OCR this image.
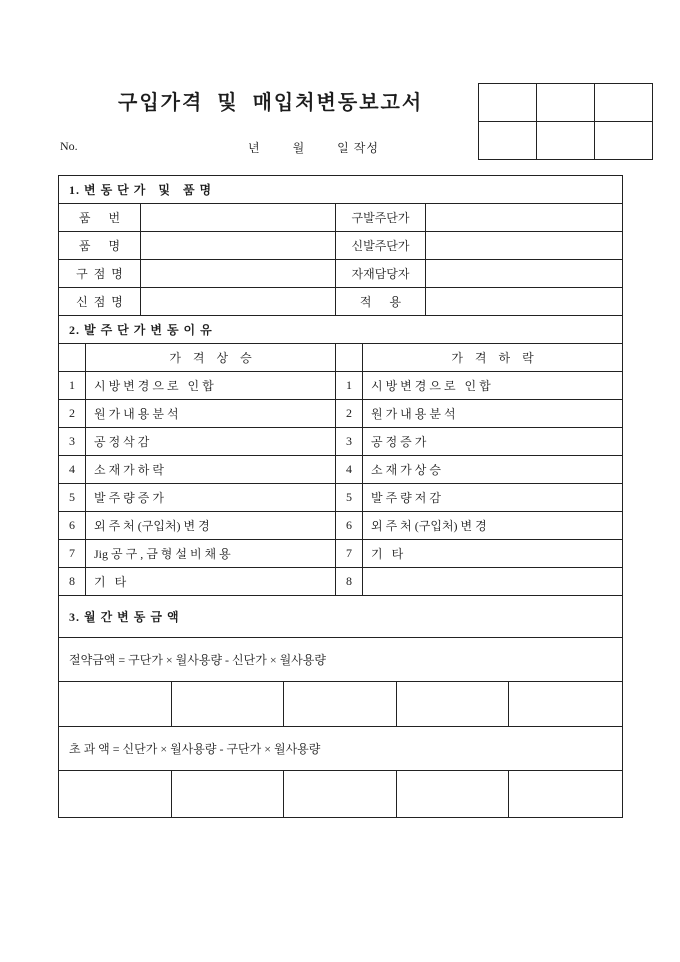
구입가격  및  매입처변동보고서

No.	년        월        일 작성
1. 변 동 단 가   및   품 명			
품      번		구발주단가	
품      명		신발주단가	
구  점  명		자재담당자	
신  점  명		적      용	
2. 발 주 단 가 변 동 이 유			
	가    격    상    승		가    격    하    락
1	시 방 변 경 으 로   인 합	1	시 방 변 경 으 로   인 합
2	원 가 내 용 분 석	2	원 가 내 용 분 석
3	공 정 삭 감	3	공 정 증 가
4	소 재 가 하 락	4	소 재 가 상 승
5	발 주 량 증 가	5	발 주 량 저 감
6	외 주 처 (구입처) 변 경	6	외 주 처 (구입처) 변 경
7	Jig 공 구 , 금 형 설 비 채 용	7	기   타
8	기   타	8	
3. 월 간 변 동 금 액				
절약금액 = 구단가 × 월사용량 - 신단가 × 월사용량				

초 과 액 = 신단가 × 월사용량 - 구단가 × 월사용량				
